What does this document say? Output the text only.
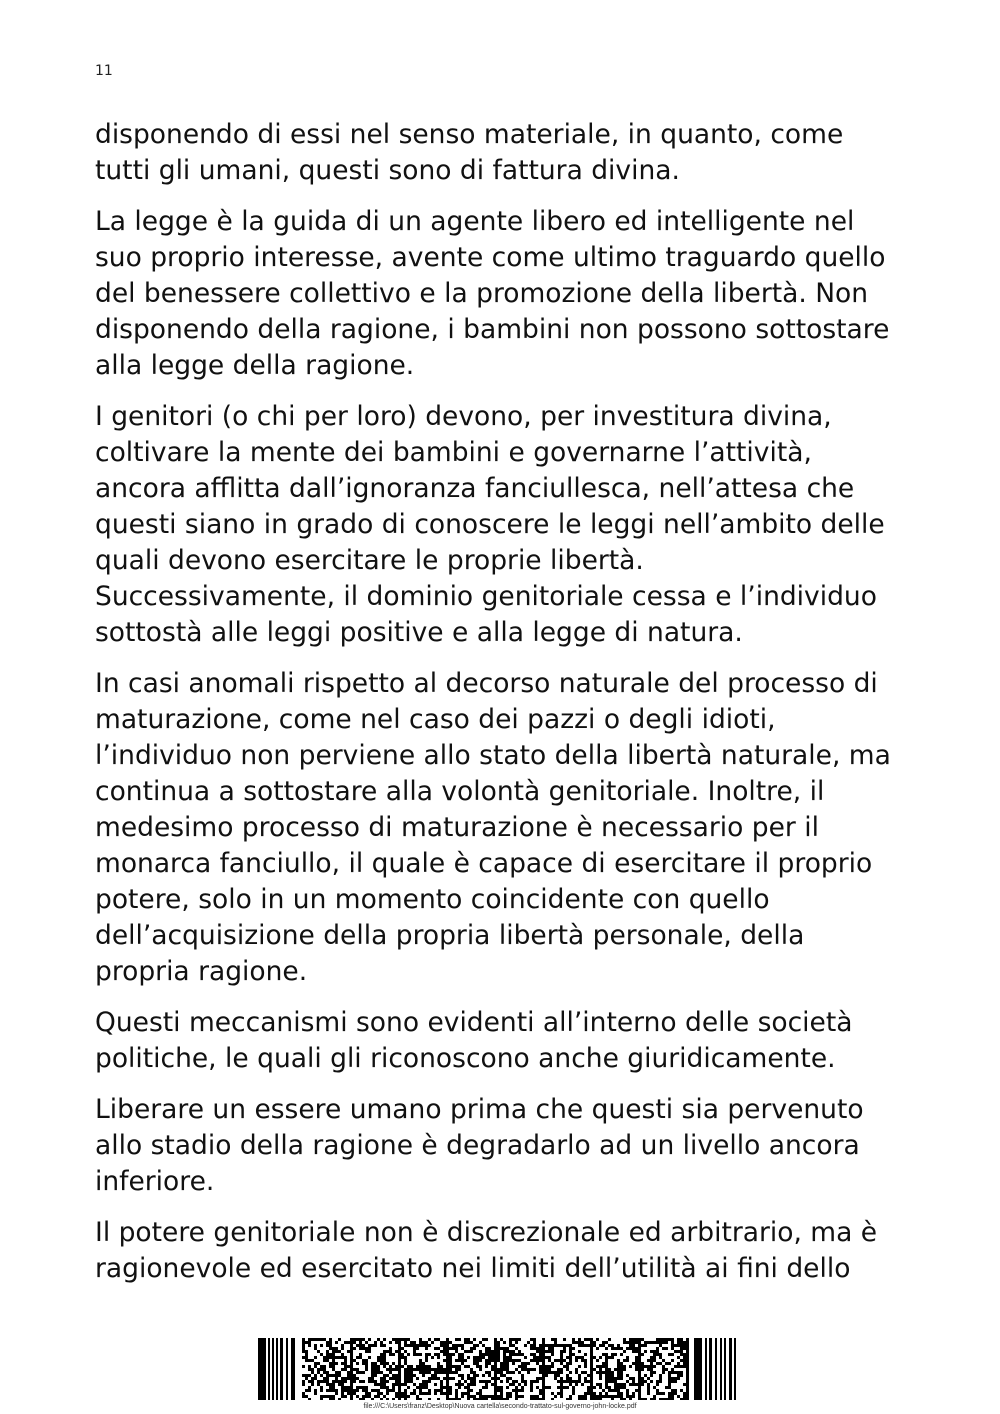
11

disponendo di essi nel senso materiale, in quanto, come
tutti gli umani, questi sono di fattura divina.

La legge è la guida di un agente libero ed intelligente nel
suo proprio interesse, avente come ultimo traguardo quello
del benessere collettivo e la promozione della libertà. Non
disponendo della ragione, i bambini non possono sottostare
alla legge della ragione.

I genitori (o chi per loro) devono, per investitura divina,
coltivare la mente dei bambini e governarne l’attività,
ancora afflitta dall’ignoranza fanciullesca, nell’attesa che
questi siano in grado di conoscere le leggi nell’ambito delle
quali devono esercitare le proprie libertà.
Successivamente, il dominio genitoriale cessa e l’individuo
sottostà alle leggi positive e alla legge di natura.

In casi anomali rispetto al decorso naturale del processo di
maturazione, come nel caso dei pazzi o degli idioti,
l’individuo non perviene allo stato della libertà naturale, ma
continua a sottostare alla volontà genitoriale. Inoltre, il
medesimo processo di maturazione è necessario per il
monarca fanciullo, il quale è capace di esercitare il proprio
potere, solo in un momento coincidente con quello
dell’acquisizione della propria libertà personale, della
propria ragione.

Questi meccanismi sono evidenti all’interno delle società
politiche, le quali gli riconoscono anche giuridicamente.

Liberare un essere umano prima che questi sia pervenuto
allo stadio della ragione è degradarlo ad un livello ancora
inferiore.

Il potere genitoriale non è discrezionale ed arbitrario, ma è
ragionevole ed esercitato nei limiti dell’utilità ai fini dello

file:///C:\Users\franz\Desktop\Nuova cartella\secondo-trattato-sul-governo-john-locke.pdf
